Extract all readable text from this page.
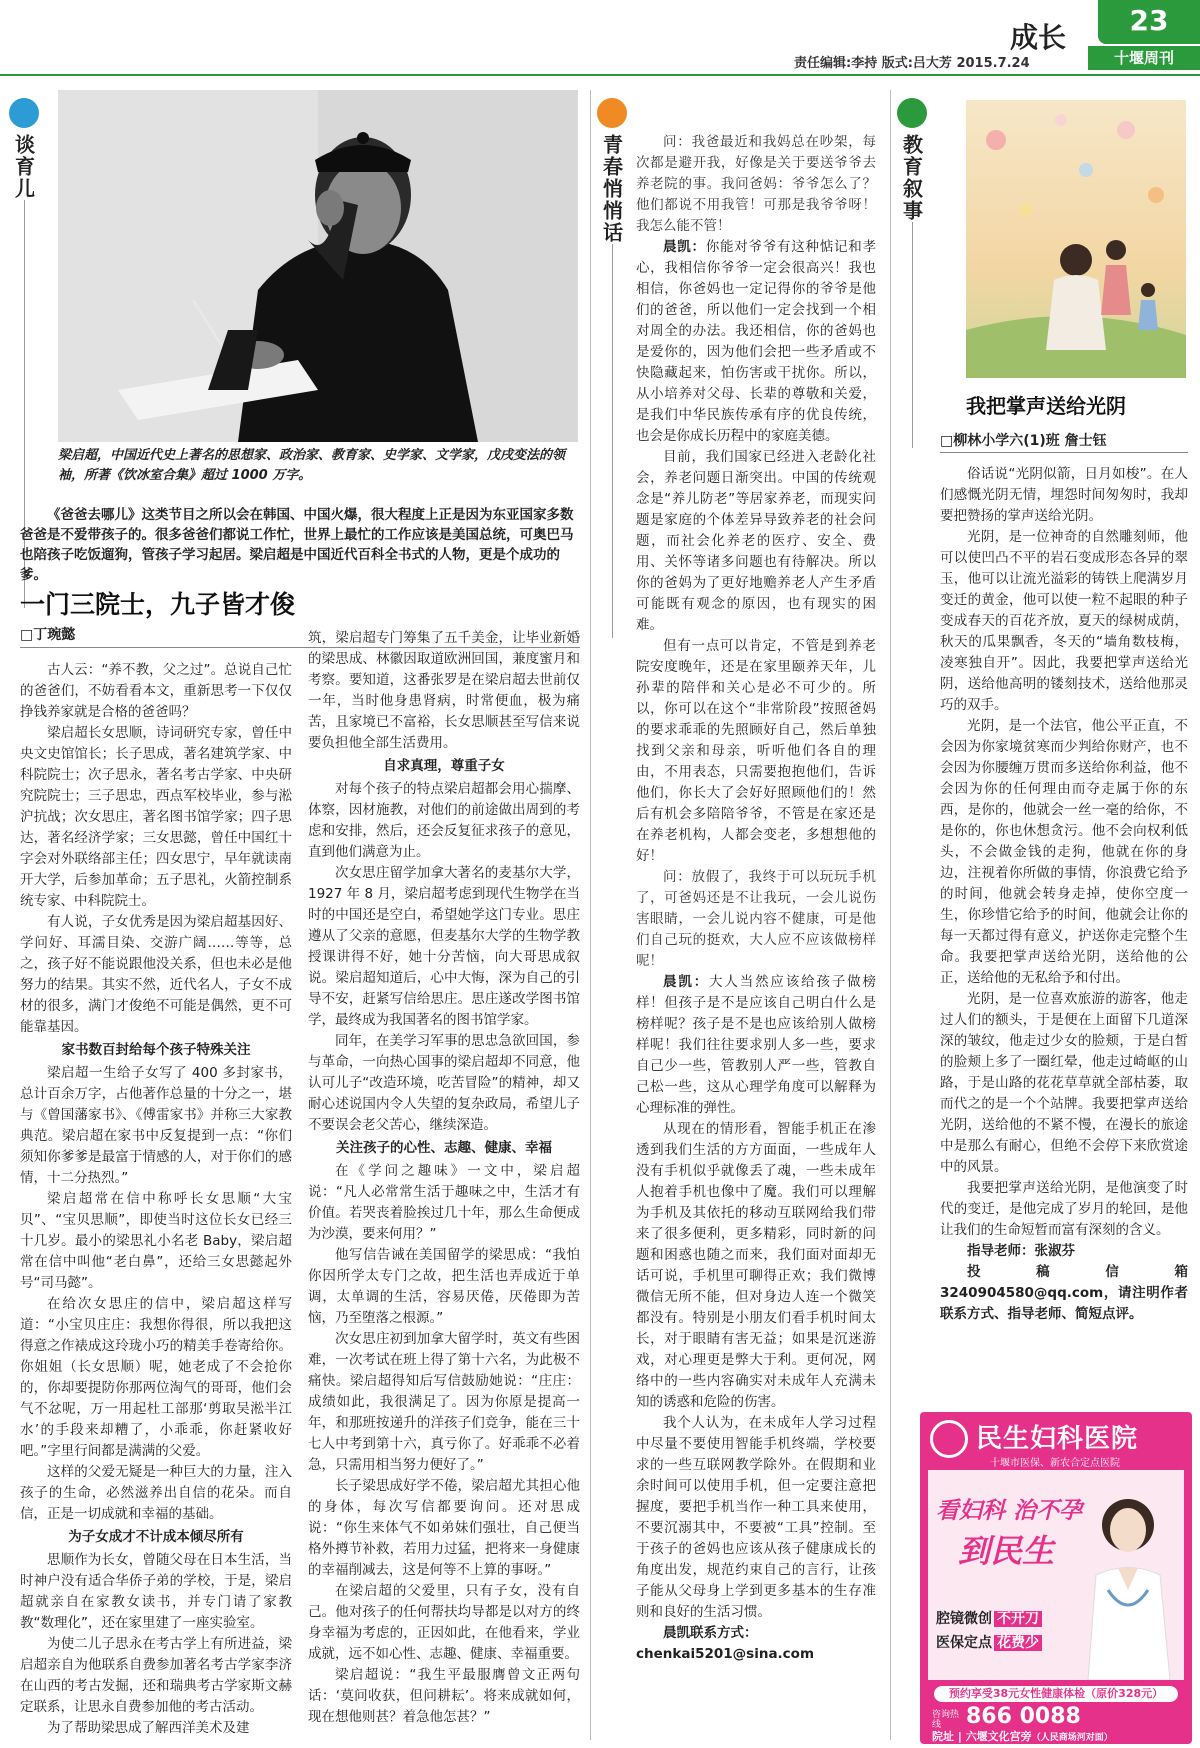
成长
责任编辑:李持 版式:吕大芳 2015.7.24
23
十堰周刊
谈育儿
梁启超，中国近代史上著名的思想家、政治家、教育家、史学家、文学家，戊戌变法的领袖，所著《饮冰室合集》超过 1000 万字。
《爸爸去哪儿》这类节目之所以会在韩国、中国火爆，很大程度上正是因为东亚国家多数爸爸是不爱带孩子的。很多爸爸们都说工作忙，世界上最忙的工作应该是美国总统，可奥巴马也陪孩子吃饭遛狗，管孩子学习起居。梁启超是中国近代百科全书式的人物，更是个成功的爹。
一门三院士，九子皆才俊
□丁琬懿

古人云：“养不教，父之过”。总说自己忙的爸爸们，不妨看看本文，重新思考一下仅仅挣钱养家就是合格的爸爸吗？

梁启超长女思顺，诗词研究专家，曾任中央文史馆馆长；长子思成，著名建筑学家、中科院院士；次子思永，著名考古学家、中央研究院院士；三子思忠，西点军校毕业，参与淞沪抗战；次女思庄，著名图书馆学家；四子思达，著名经济学家；三女思懿，曾任中国红十字会对外联络部主任；四女思宁，早年就读南开大学，后参加革命；五子思礼，火箭控制系统专家、中科院院士。

有人说，子女优秀是因为梁启超基因好、学问好、耳濡目染、交游广阔……等等，总之，孩子好不能说跟他没关系，但也未必是他努力的结果。其实不然，近代名人，子女不成材的很多，满门才俊绝不可能是偶然，更不可能靠基因。

家书数百封给每个孩子特殊关注

梁启超一生给子女写了 400 多封家书，总计百余万字，占他著作总量的十分之一，堪与《曾国藩家书》、《傅雷家书》并称三大家教典范。梁启超在家书中反复提到一点：“你们须知你爹爹是最富于情感的人，对于你们的感情，十二分热烈。”

梁启超常在信中称呼长女思顺“大宝贝”、“宝贝思顺”，即使当时这位长女已经三十几岁。最小的梁思礼小名老 Baby，梁启超常在信中叫他“老白鼻”，还给三女思懿起外号“司马懿”。

在给次女思庄的信中，梁启超这样写道：“小宝贝庄庄：我想你得很，所以我把这得意之作裱成这玲珑小巧的精美手卷寄给你。你姐姐（长女思顺）呢，她老成了不会抢你的，你却要提防你那两位淘气的哥哥，他们会气不忿呢，万一用起杜工部那‘剪取吴淞半江水’的手段来却糟了，小乖乖，你赶紧收好吧。”字里行间都是满满的父爱。

这样的父爱无疑是一种巨大的力量，注入孩子的生命，必然滋养出自信的花朵。而自信，正是一切成就和幸福的基础。

为子女成才不计成本倾尽所有

思顺作为长女，曾随父母在日本生活，当时神户没有适合华侨子弟的学校，于是，梁启超就亲自在家教女读书，并专门请了家教教“数理化”，还在家里建了一座实验室。

为使二儿子思永在考古学上有所进益，梁启超亲自为他联系自费参加著名考古学家李济在山西的考古发掘，还和瑞典考古学家斯文赫定联系，让思永自费参加他的考古活动。

为了帮助梁思成了解西洋美术及建

筑，梁启超专门筹集了五千美金，让毕业新婚的梁思成、林徽因取道欧洲回国，兼度蜜月和考察。要知道，这番张罗是在梁启超去世前仅一年，当时他身患肾病，时常便血，极为痛苦，且家境已不富裕，长女思顺甚至写信来说要负担他全部生活费用。

自求真理，尊重子女

对每个孩子的特点梁启超都会用心揣摩、体察，因材施教，对他们的前途做出周到的考虑和安排，然后，还会反复征求孩子的意见，直到他们满意为止。

次女思庄留学加拿大著名的麦基尔大学，1927 年 8 月，梁启超考虑到现代生物学在当时的中国还是空白，希望她学这门专业。思庄遵从了父亲的意愿，但麦基尔大学的生物学教授课讲得不好，她十分苦恼，向大哥思成叙说。梁启超知道后，心中大悔，深为自己的引导不安，赶紧写信给思庄。思庄遂改学图书馆学，最终成为我国著名的图书馆学家。

同年，在美学习军事的思忠急欲回国，参与革命，一向热心国事的梁启超却不同意，他认可儿子“改造环境，吃苦冒险”的精神，却又耐心述说国内令人失望的复杂政局，希望儿子不要误会老父苦心，继续深造。

关注孩子的心性、志趣、健康、幸福

在《学问之趣味》一文中，梁启超说：“凡人必常常生活于趣味之中，生活才有价值。若哭丧着脸挨过几十年，那么生命便成为沙漠，要来何用？”

他写信告诫在美国留学的梁思成：“我怕你因所学太专门之故，把生活也弄成近于单调，太单调的生活，容易厌倦，厌倦即为苦恼，乃至堕落之根源。”

次女思庄初到加拿大留学时，英文有些困难，一次考试在班上得了第十六名，为此极不痛快。梁启超得知后写信鼓励她说：“庄庄：成绩如此，我很满足了。因为你原是提高一年，和那班按递升的洋孩子们竞争，能在三十七人中考到第十六，真亏你了。好乖乖不必着急，只需用相当努力便好了。”

长子梁思成好学不倦，梁启超尤其担心他的身体，每次写信都要询问。还对思成说：“你生来体气不如弟妹们强壮，自己便当格外撙节补救，若用力过猛，把将来一身健康的幸福削减去，这是何等不上算的事呀。”

在梁启超的父爱里，只有子女，没有自己。他对孩子的任何帮扶均导都是以对方的终身幸福为考虑的，正因如此，在他看来，学业成就，远不如心性、志趣、健康、幸福重要。

梁启超说：“我生平最服膺曾文正两句话：‘莫问收获，但问耕耘’。将来成就如何，现在想他则甚？着急他怎甚？”

青春悄悄话	问：我爸最近和我妈总在吵架，每次都是避开我，好像是关于要送爷爷去养老院的事。我问爸妈：爷爷怎么了？他们都说不用我管！可那是我爷爷呀！我怎么能不管！

晨凯：你能对爷爷有这种惦记和孝心，我相信你爷爷一定会很高兴！我也相信，你爸妈也一定记得你的爷爷是他们的爸爸，所以他们一定会找到一个相对周全的办法。我还相信，你的爸妈也是爱你的，因为他们会把一些矛盾或不快隐藏起来，怕伤害或干扰你。所以，从小培养对父母、长辈的尊敬和关爱，是我们中华民族传承有序的优良传统，也会是你成长历程中的家庭美德。

目前，我们国家已经进入老龄化社会，养老问题日渐突出。中国的传统观念是“养儿防老”等居家养老，而现实问题是家庭的个体差异导致养老的社会问题，而社会化养老的医疗、安全、费用、关怀等诸多问题也有待解决。所以你的爸妈为了更好地赡养老人产生矛盾可能既有观念的原因，也有现实的困难。

但有一点可以肯定，不管是到养老院安度晚年，还是在家里颐养天年，儿孙辈的陪伴和关心是必不可少的。所以，你可以在这个“非常阶段”按照爸妈的要求乖乖的先照顾好自己，然后单独找到父亲和母亲，听听他们各自的理由，不用表态，只需要抱抱他们，告诉他们，你长大了会好好照顾他们的！然后有机会多陪陪爷爷，不管是在家还是在养老机构，人都会变老，多想想他的好！

问：放假了，我终于可以玩玩手机了，可爸妈还是不让我玩，一会儿说伤害眼睛，一会儿说内容不健康，可是他们自己玩的挺欢，大人应不应该做榜样呢！

晨凯：大人当然应该给孩子做榜样！但孩子是不是应该自己明白什么是榜样呢？孩子是不是也应该给别人做榜样呢！我们往往要求别人多一些，要求自己少一些，管教别人严一些，管教自己松一些，这从心理学角度可以解释为心理标准的弹性。

从现在的情形看，智能手机正在渗透到我们生活的方方面面，一些成年人没有手机似乎就像丢了魂，一些未成年人抱着手机也像中了魔。我们可以理解为手机及其依托的移动互联网给我们带来了很多便利，更多精彩，同时新的问题和困惑也随之而来，我们面对面却无话可说，手机里可聊得正欢；我们微博微信无所不能，但对身边人连一个微笑都没有。特别是小朋友们看手机时间太长，对于眼睛有害无益；如果是沉迷游戏，对心理更是弊大于利。更何况，网络中的一些内容确实对未成年人充满未知的诱惑和危险的伤害。

我个人认为，在未成年人学习过程中尽量不要使用智能手机终端，学校要求的一些互联网教学除外。在假期和业余时间可以使用手机，但一定要注意把握度，要把手机当作一种工具来使用，不要沉溺其中，不要被“工具”控制。至于孩子的爸妈也应该从孩子健康成长的角度出发，规范约束自己的言行，让孩子能从父母身上学到更多基本的生存准则和良好的生活习惯。

晨凯联系方式：

chenkai5201@sina.com

教育叙事
我把掌声送给光阴
□柳林小学六(1)班 詹士钰

俗话说“光阴似箭，日月如梭”。在人们感慨光阴无情，埋怨时间匆匆时，我却要把赞扬的掌声送给光阴。

光阴，是一位神奇的自然雕刻师，他可以使凹凸不平的岩石变成形态各异的翠玉，他可以让流光溢彩的铸铁上爬满岁月变迁的黄金，他可以使一粒不起眼的种子变成春天的百花齐放，夏天的绿树成荫，秋天的瓜果飘香，冬天的“墙角数枝梅，凌寒独自开”。因此，我要把掌声送给光阴，送给他高明的镂刻技术，送给他那灵巧的双手。

光阴，是一个法官，他公平正直，不会因为你家境贫寒而少判给你财产，也不会因为你腰缠万贯而多送给你利益，他不会因为你的任何理由而夺走属于你的东西，是你的，他就会一丝一毫的给你，不是你的，你也休想贪污。他不会向权利低头，不会做金钱的走狗，他就在你的身边，注视着你所做的事情，你浪费它给予的时间，他就会转身走掉，使你空度一生，你珍惜它给予的时间，他就会让你的每一天都过得有意义，护送你走完整个生命。我要把掌声送给光阴，送给他的公正，送给他的无私给予和付出。

光阴，是一位喜欢旅游的游客，他走过人们的额头，于是便在上面留下几道深深的皱纹，他走过少女的脸颊，于是白皙的脸颊上多了一圈红晕，他走过崎岖的山路，于是山路的花花草草就全部枯萎，取而代之的是一个个站牌。我要把掌声送给光阴，送给他的不紧不慢，在漫长的旅途中是那么有耐心，但绝不会停下来欣赏途中的风景。

我要把掌声送给光阴，是他演变了时代的变迁，是他完成了岁月的轮回，是他让我们的生命短暂而富有深刻的含义。

指导老师：张淑芬

投稿信箱 3240904580@qq.com，请注明作者联系方式、指导老师、简短点评。

民生妇科医院
十堰市医保、新农合定点医院
看妇科 治不孕
到民生
腔镜微创 不开刀
医保定点 花费少
预约享受38元女性健康体检（原价328元）
咨询热线	866 0088
院址 | 六堰文化宫旁（人民商场河对面）
